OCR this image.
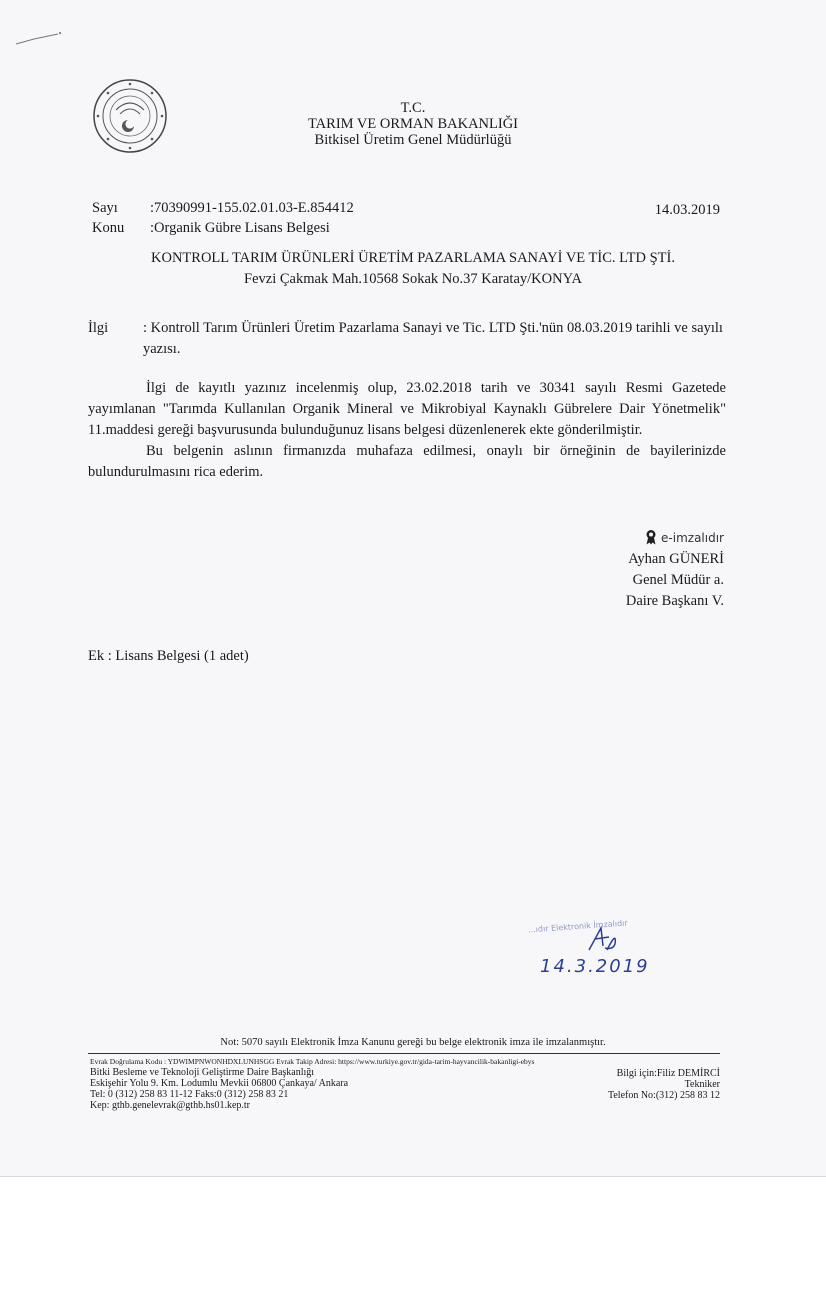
T.C.
TARIM VE ORMAN BAKANLIĞI
Bitkisel Üretim Genel Müdürlüğü
Sayı :70390991-155.02.01.03-E.854412
Konu :Organik Gübre Lisans Belgesi
14.03.2019
KONTROLL TARIM ÜRÜNLERİ ÜRETİM PAZARLAMA SANAYİ VE TİC. LTD ŞTİ.
Fevzi Çakmak Mah.10568 Sokak No.37 Karatay/KONYA
İlgi : Kontroll Tarım Ürünleri Üretim Pazarlama Sanayi ve Tic. LTD Şti.'nün 08.03.2019 tarihli ve sayılı yazısı.

İlgi de kayıtlı yazınız incelenmiş olup, 23.02.2018 tarih ve 30341 sayılı Resmi Gazetede yayımlanan "Tarımda Kullanılan Organik Mineral ve Mikrobiyal Kaynaklı Gübrelere Dair Yönetmelik" 11.maddesi gereği başvurusunda bulunduğunuz lisans belgesi düzenlenerek ekte gönderilmiştir.

Bu belgenin aslının firmanızda muhafaza edilmesi, onaylı bir örneğinin de bayilerinizde bulundurulmasını rica ederim.

e-imzalıdır
Ayhan GÜNERİ
Genel Müdür a.
Daire Başkanı V.
Ek : Lisans Belgesi (1 adet)
...ıdır Elektronik İmzalıdır
14.3.2019
Not: 5070 sayılı Elektronik İmza Kanunu gereği bu belge elektronik imza ile imzalanmıştır.
Evrak Doğrulama Kodu : YDWIMPNWONHDXLUNHSGG Evrak Takip Adresi: https://www.turkiye.gov.tr/gida-tarim-hayvancilik-bakanligi-ebys
Bitki Besleme ve Teknoloji Geliştirme Daire Başkanlığı
Eskişehir Yolu 9. Km. Lodumlu Mevkii 06800 Çankaya/ Ankara
Tel: 0 (312) 258 83 11-12 Faks:0 (312) 258 83 21
Kep: gthb.genelevrak@gthb.hs01.kep.tr
Bilgi için:Filiz DEMİRCİ
Tekniker
Telefon No:(312) 258 83 12
